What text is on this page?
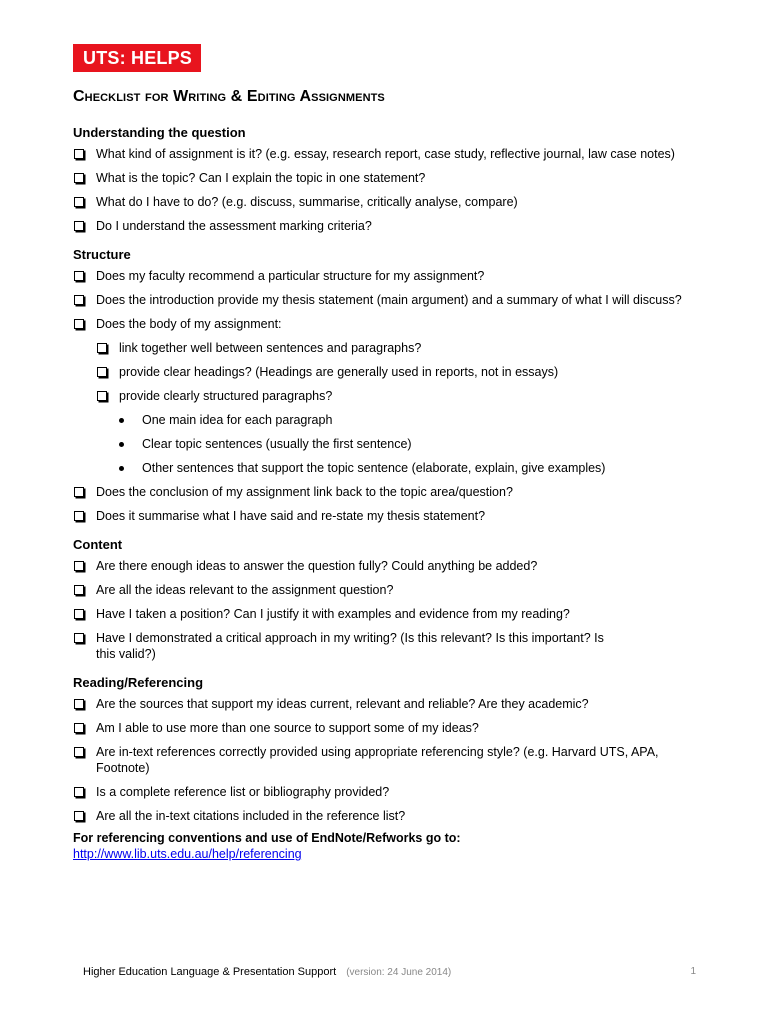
UTS: HELPS
Checklist for Writing & Editing Assignments
Understanding the question
What kind of assignment is it? (e.g. essay, research report, case study, reflective journal, law case notes)
What is the topic? Can I explain the topic in one statement?
What do I have to do? (e.g. discuss, summarise, critically analyse, compare)
Do I understand the assessment marking criteria?
Structure
Does my faculty recommend a particular structure for my assignment?
Does the introduction provide my thesis statement (main argument) and a summary of what I will discuss?
Does the body of my assignment:
link together well between sentences and paragraphs?
provide clear headings? (Headings are generally used in reports, not in essays)
provide clearly structured paragraphs?
One main idea for each paragraph
Clear topic sentences (usually the first sentence)
Other sentences that support the topic sentence (elaborate, explain, give examples)
Does the conclusion of my assignment link back to the topic area/question?
Does it summarise what I have said and re-state my thesis statement?
Content
Are there enough ideas to answer the question fully? Could anything be added?
Are all the ideas relevant to the assignment question?
Have I taken a position? Can I justify it with examples and evidence from my reading?
Have I demonstrated a critical approach in my writing? (Is this relevant? Is this important? Is this valid?)
Reading/Referencing
Are the sources that support my ideas current, relevant and reliable? Are they academic?
Am I able to use more than one source to support some of my ideas?
Are in-text references correctly provided using appropriate referencing style? (e.g. Harvard UTS, APA, Footnote)
Is a complete reference list or bibliography provided?
Are all the in-text citations included in the reference list?
For referencing conventions and use of EndNote/Refworks go to:
http://www.lib.uts.edu.au/help/referencing
Higher Education Language & Presentation Support (version: 24 June 2014)	1
